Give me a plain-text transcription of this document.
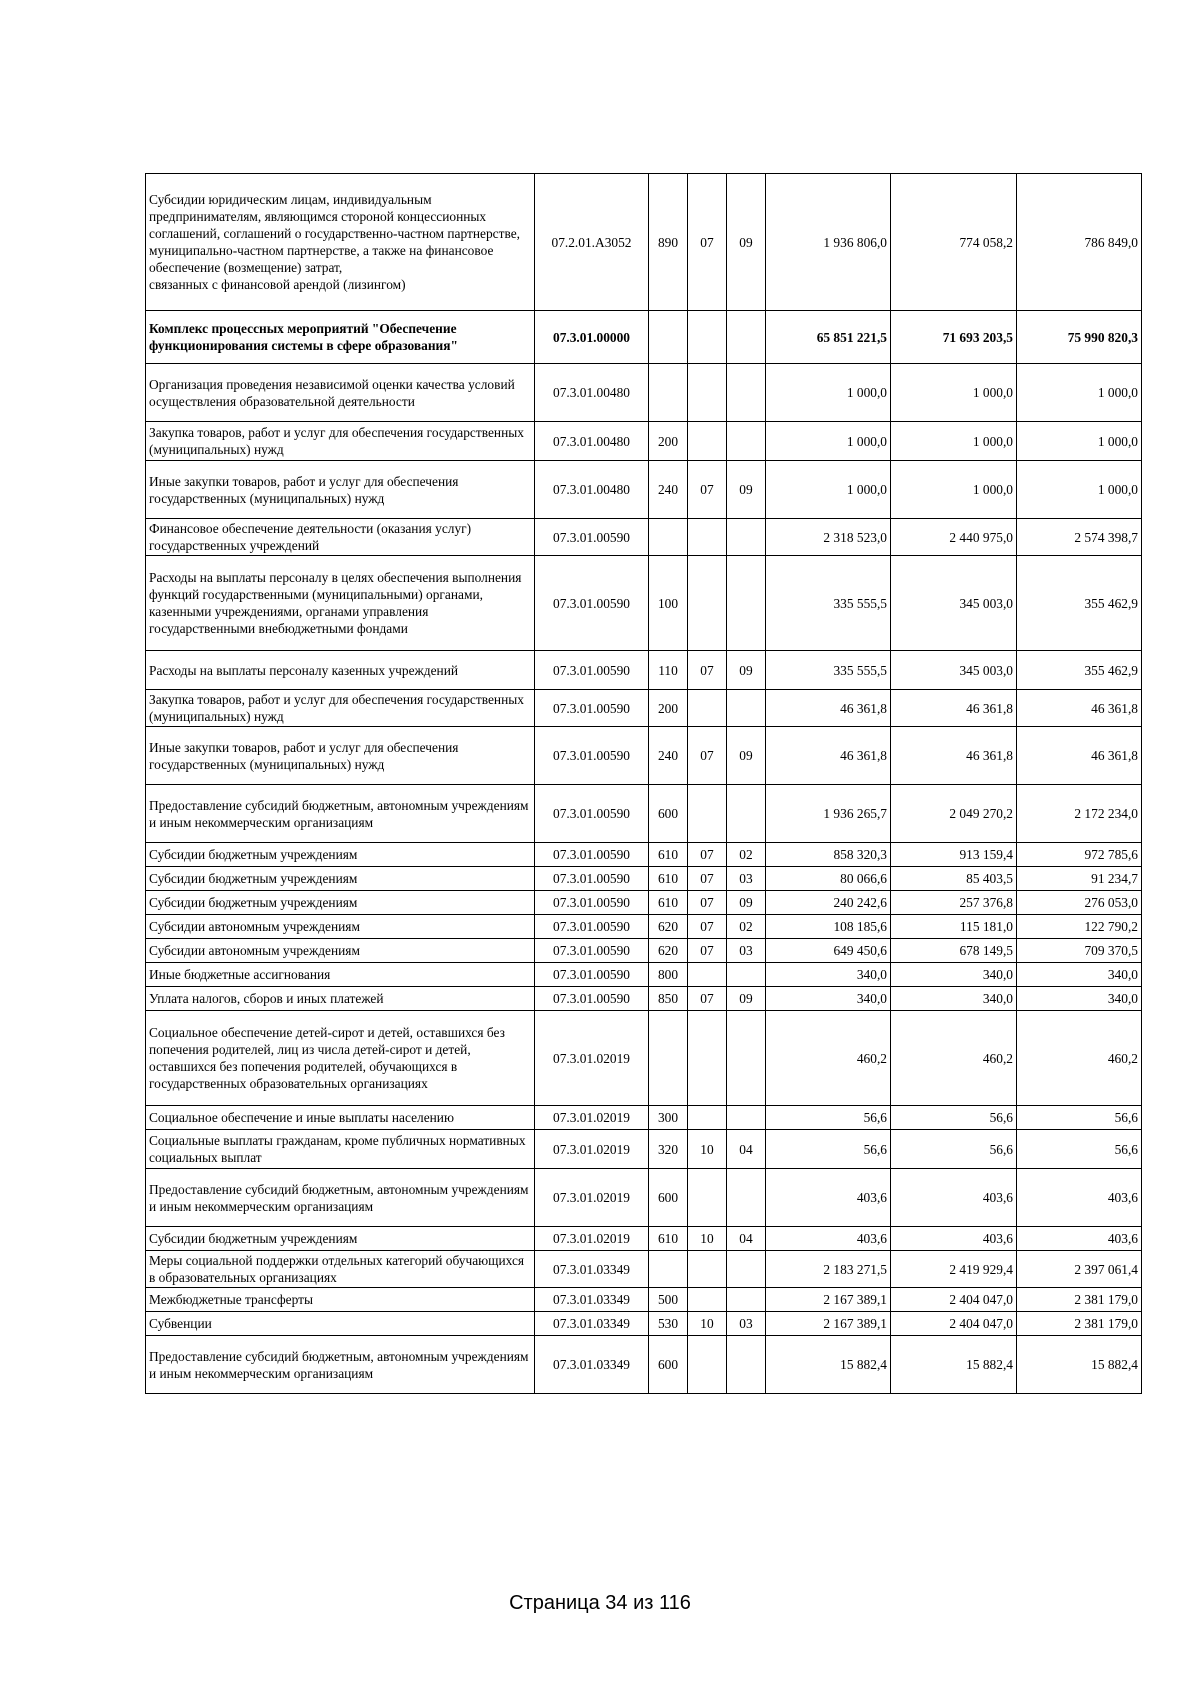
Субсидии юридическим лицам, индивидуальным предпринимателям, являющимся стороной концессионных соглашений, соглашений о государственно-частном партнерстве, муниципально-частном партнерстве, а также на финансовое обеспечение (возмещение) затрат,
связанных с финансовой арендой (лизингом)	07.2.01.А3052	890	07	09	1 936 806,0	774 058,2	786 849,0
Комплекс процессных мероприятий "Обеспечение функционирования системы в сфере образования"	07.3.01.00000				65 851 221,5	71 693 203,5	75 990 820,3
Организация проведения независимой оценки качества условий осуществления образовательной деятельности	07.3.01.00480				1 000,0	1 000,0	1 000,0
Закупка товаров, работ и услуг для обеспечения государственных (муниципальных) нужд	07.3.01.00480	200			1 000,0	1 000,0	1 000,0
Иные закупки товаров, работ и услуг для обеспечения государственных (муниципальных) нужд	07.3.01.00480	240	07	09	1 000,0	1 000,0	1 000,0
Финансовое обеспечение деятельности (оказания услуг) государственных учреждений	07.3.01.00590				2 318 523,0	2 440 975,0	2 574 398,7
Расходы на выплаты персоналу в целях обеспечения выполнения функций государственными (муниципальными) органами, казенными учреждениями, органами управления государственными внебюджетными фондами	07.3.01.00590	100			335 555,5	345 003,0	355 462,9
Расходы на выплаты персоналу казенных учреждений	07.3.01.00590	110	07	09	335 555,5	345 003,0	355 462,9
Закупка товаров, работ и услуг для обеспечения государственных (муниципальных) нужд	07.3.01.00590	200			46 361,8	46 361,8	46 361,8
Иные закупки товаров, работ и услуг для обеспечения государственных (муниципальных) нужд	07.3.01.00590	240	07	09	46 361,8	46 361,8	46 361,8
Предоставление субсидий бюджетным, автономным учреждениям и иным некоммерческим организациям	07.3.01.00590	600			1 936 265,7	2 049 270,2	2 172 234,0
Субсидии бюджетным учреждениям	07.3.01.00590	610	07	02	858 320,3	913 159,4	972 785,6
Субсидии бюджетным учреждениям	07.3.01.00590	610	07	03	80 066,6	85 403,5	91 234,7
Субсидии бюджетным учреждениям	07.3.01.00590	610	07	09	240 242,6	257 376,8	276 053,0
Субсидии автономным учреждениям	07.3.01.00590	620	07	02	108 185,6	115 181,0	122 790,2
Субсидии автономным учреждениям	07.3.01.00590	620	07	03	649 450,6	678 149,5	709 370,5
Иные бюджетные ассигнования	07.3.01.00590	800			340,0	340,0	340,0
Уплата налогов, сборов и иных платежей	07.3.01.00590	850	07	09	340,0	340,0	340,0
Социальное обеспечение детей-сирот и детей, оставшихся без попечения родителей, лиц из числа детей-сирот и детей, оставшихся без попечения родителей, обучающихся в государственных образовательных организациях	07.3.01.02019				460,2	460,2	460,2
Социальное обеспечение и иные выплаты населению	07.3.01.02019	300			56,6	56,6	56,6
Социальные выплаты гражданам, кроме публичных нормативных социальных выплат	07.3.01.02019	320	10	04	56,6	56,6	56,6
Предоставление субсидий бюджетным, автономным учреждениям и иным некоммерческим организациям	07.3.01.02019	600			403,6	403,6	403,6
Субсидии бюджетным учреждениям	07.3.01.02019	610	10	04	403,6	403,6	403,6
Меры социальной поддержки отдельных категорий обучающихся в образовательных организациях	07.3.01.03349				2 183 271,5	2 419 929,4	2 397 061,4
Межбюджетные трансферты	07.3.01.03349	500			2 167 389,1	2 404 047,0	2 381 179,0
Субвенции	07.3.01.03349	530	10	03	2 167 389,1	2 404 047,0	2 381 179,0
Предоставление субсидий бюджетным, автономным учреждениям и иным некоммерческим организациям	07.3.01.03349	600			15 882,4	15 882,4	15 882,4
Страница 34 из 116
